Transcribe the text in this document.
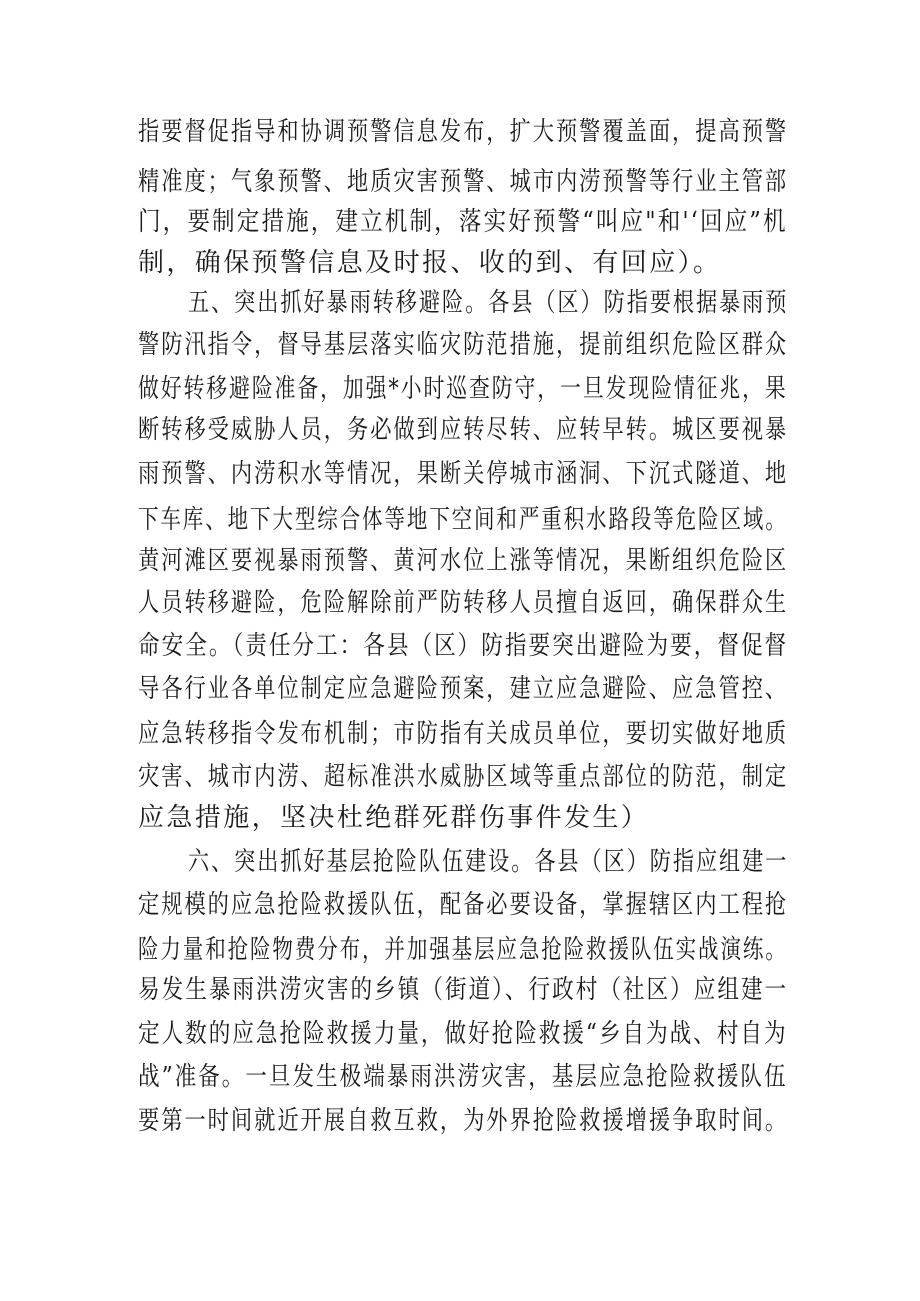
指要督促指导和协调预警信息发布，扩大预警覆盖面，提高预警
精准度；气象预警、地质灾害预警、城市内涝预警等行业主管部
门，要制定措施，建立机制，落实好预警“叫应"和'‘回应”机
制，确保预警信息及时报、收的到、有回应）。
五、突出抓好暴雨转移避险。各县（区）防指要根据暴雨预
警防汛指令，督导基层落实临灾防范措施，提前组织危险区群众
做好转移避险准备，加强*小时巡查防守，一旦发现险情征兆，果
断转移受威胁人员，务必做到应转尽转、应转早转。城区要视暴
雨预警、内涝积水等情况，果断关停城市涵洞、下沉式隧道、地
下车库、地下大型综合体等地下空间和严重积水路段等危险区域。
黄河滩区要视暴雨预警、黄河水位上涨等情况，果断组织危险区
人员转移避险，危险解除前严防转移人员擅自返回，确保群众生
命安全。（责任分工：各县（区）防指要突出避险为要，督促督
导各行业各单位制定应急避险预案，建立应急避险、应急管控、
应急转移指令发布机制；市防指有关成员单位，要切实做好地质
灾害、城市内涝、超标准洪水威胁区域等重点部位的防范，制定
应急措施，坚决杜绝群死群伤事件发生）
六、突出抓好基层抢险队伍建设。各县（区）防指应组建一
定规模的应急抢险救援队伍，配备必要设备，掌握辖区内工程抢
险力量和抢险物费分布，并加强基层应急抢险救援队伍实战演练。
易发生暴雨洪涝灾害的乡镇（街道）、行政村（社区）应组建一
定人数的应急抢险救援力量，做好抢险救援“乡自为战、村自为
战”准备。一旦发生极端暴雨洪涝灾害，基层应急抢险救援队伍
要第一时间就近开展自救互救，为外界抢险救援增援争取时间。
